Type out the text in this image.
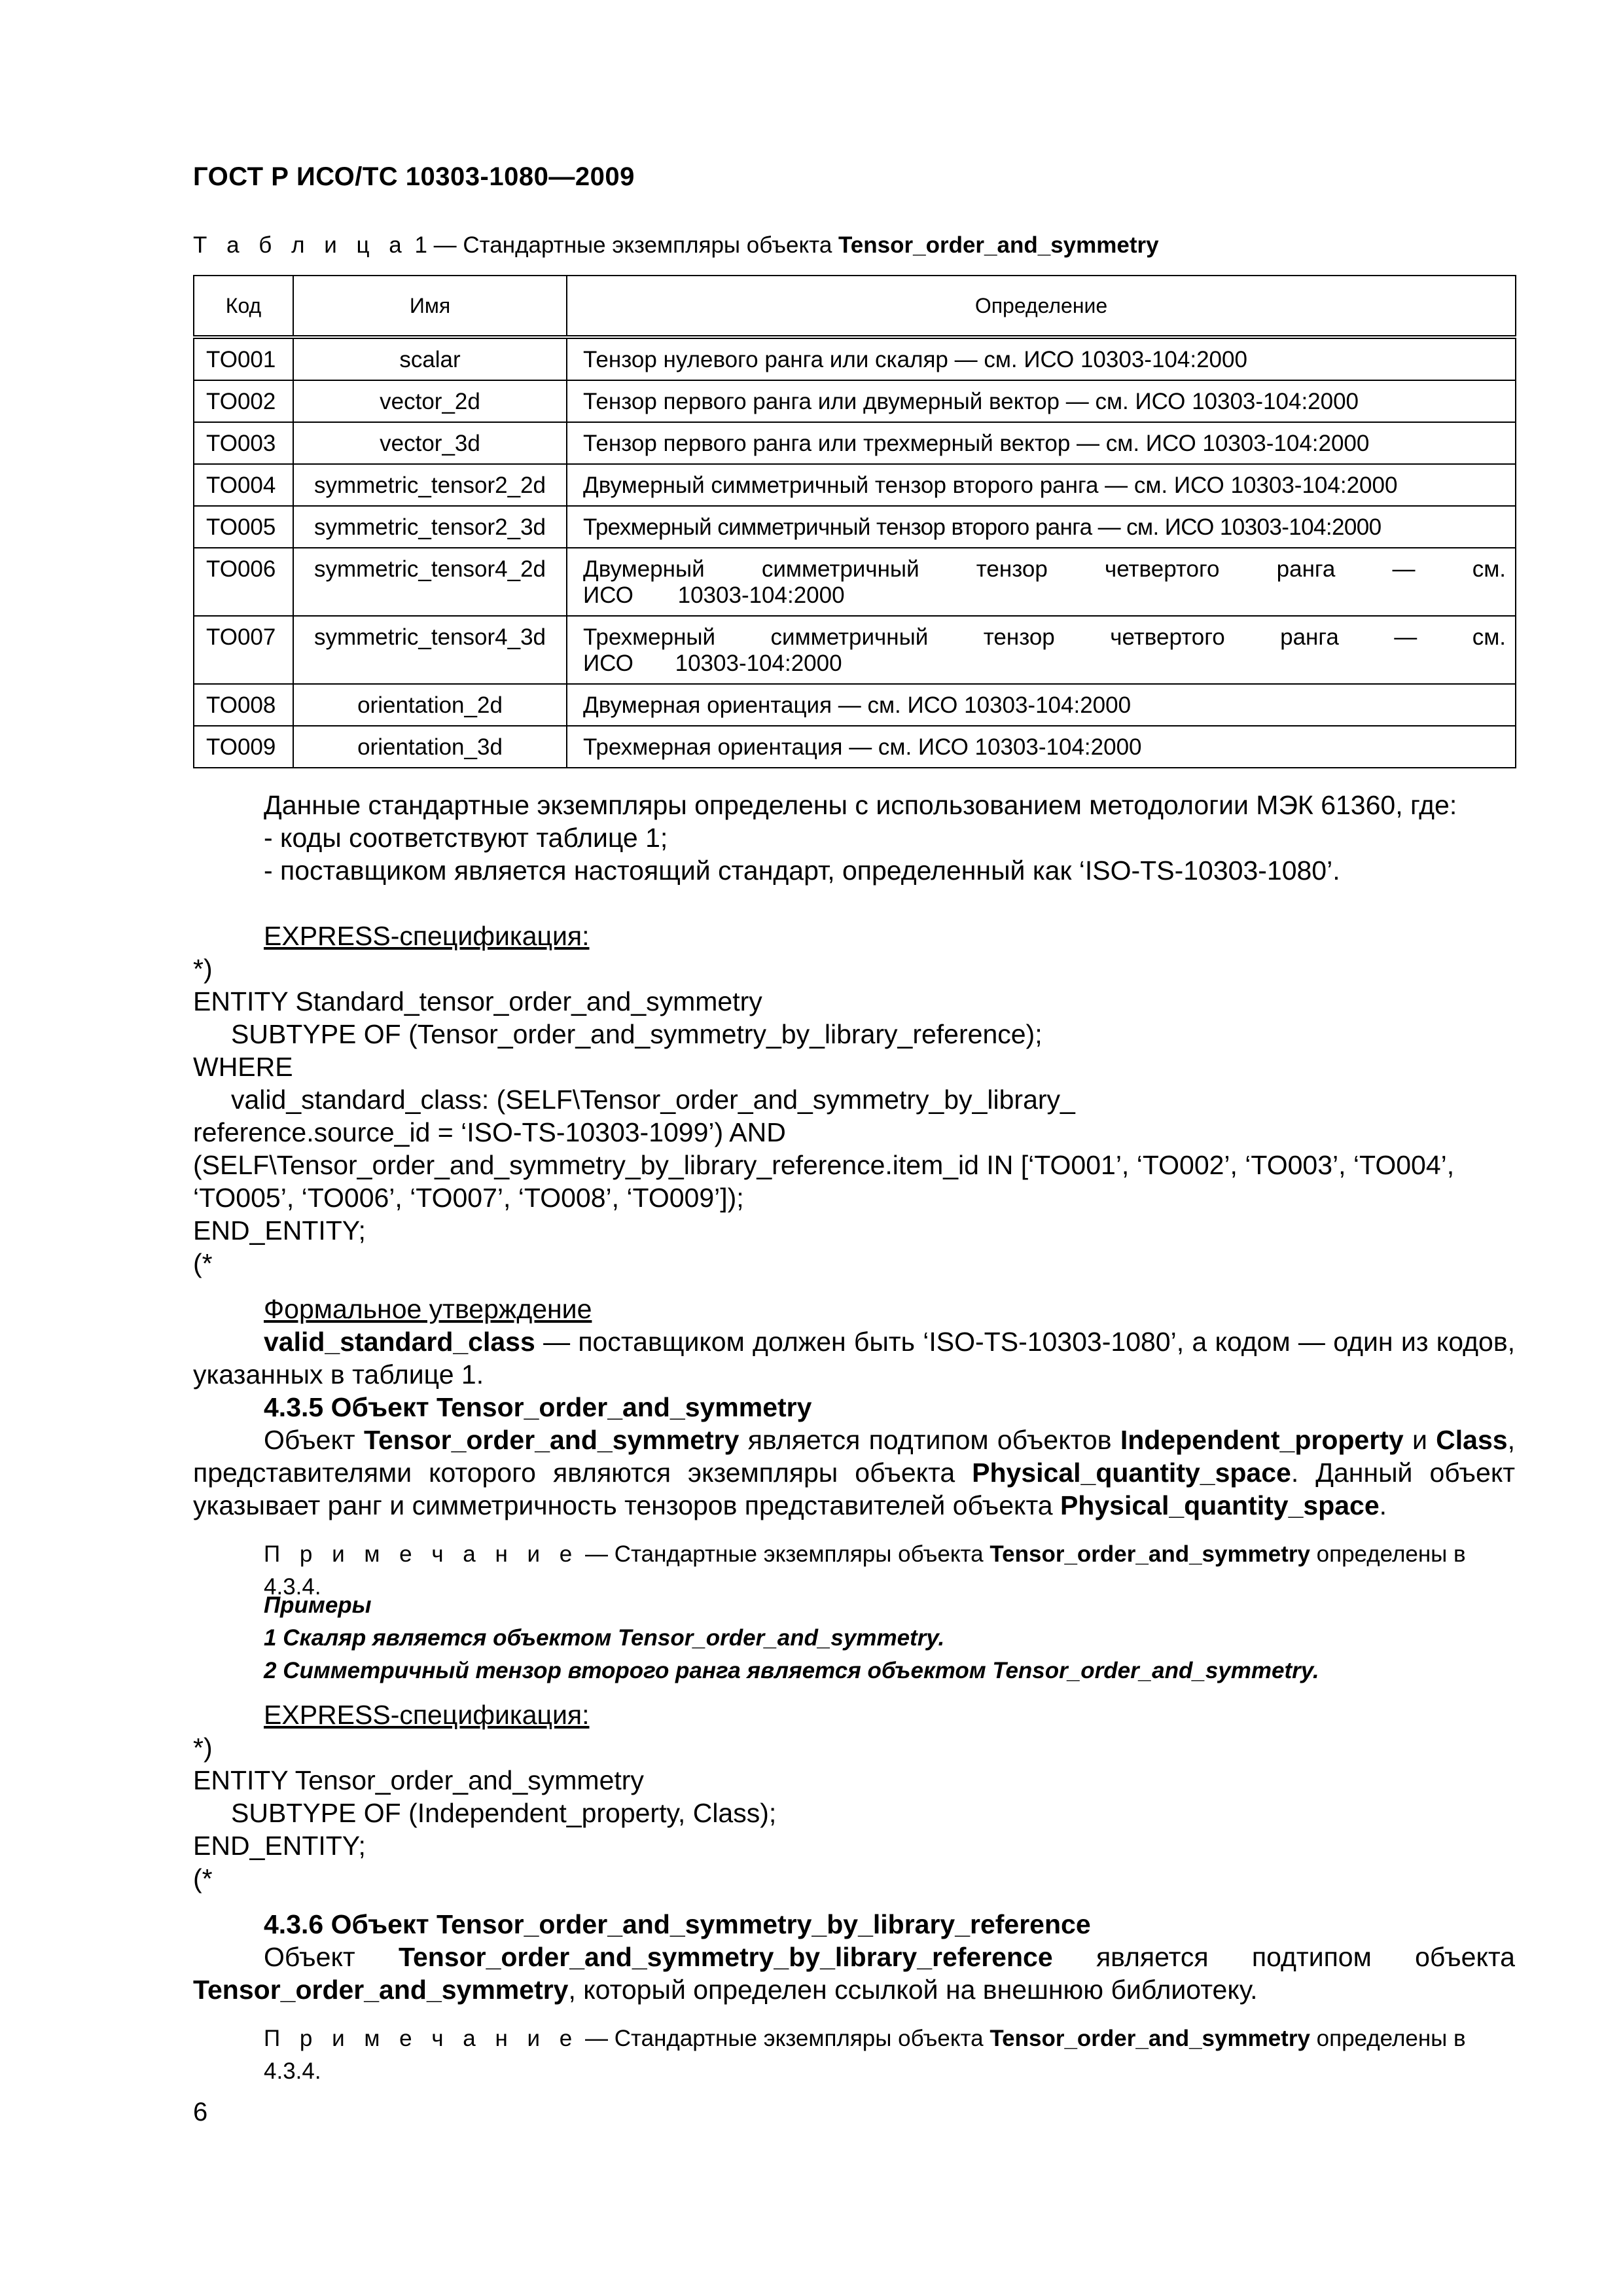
ГОСТ Р ИСО/ТС 10303-1080—2009
Т а б л и ц а 1 — Стандартные экземпляры объекта Tensor_order_and_symmetry
Код	Имя	Определение
TO001	scalar	Тензор нулевого ранга или скаляр — см. ИСО 10303-104:2000
TO002	vector_2d	Тензор первого ранга или двумерный вектор — см. ИСО 10303-104:2000
TO003	vector_3d	Тензор первого ранга или трехмерный вектор — см. ИСО 10303-104:2000
TO004	symmetric_tensor2_2d	Двумерный симметричный тензор второго ранга — см. ИСО 10303-104:2000
TO005	symmetric_tensor2_3d	Трехмерный симметричный тензор второго ранга — см. ИСО 10303-104:2000
TO006	symmetric_tensor4_2d	Двумерный симметричный тензор четвертого ранга — см. ИСО 10303-104:2000
TO007	symmetric_tensor4_3d	Трехмерный симметричный тензор четвертого ранга — см. ИСО 10303-104:2000
TO008	orientation_2d	Двумерная ориентация — см. ИСО 10303-104:2000
TO009	orientation_3d	Трехмерная ориентация — см. ИСО 10303-104:2000
Данные стандартные экземпляры определены с использованием методологии МЭК 61360, где:
- коды соответствуют таблице 1;
- поставщиком является настоящий стандарт, определенный как ‘ISO-TS-10303-1080’.
EXPRESS-спецификация:
*)
ENTITY Standard_tensor_order_and_symmetry
SUBTYPE OF (Tensor_order_and_symmetry_by_library_reference);
WHERE
valid_standard_class: (SELF\Tensor_order_and_symmetry_by_library_
reference.source_id = ‘ISO-TS-10303-1099’) AND
(SELF\Tensor_order_and_symmetry_by_library_reference.item_id IN [‘TO001’, ‘TO002’, ‘TO003’, ‘TO004’,
‘TO005’, ‘TO006’, ‘TO007’, ‘TO008’, ‘TO009’]);
END_ENTITY;
(*
Формальное утверждение
valid_standard_class — поставщиком должен быть ‘ISO-TS-10303-1080’, а кодом — один из кодов, указанных в таблице 1.
4.3.5 Объект Tensor_order_and_symmetry
Объект Tensor_order_and_symmetry является подтипом объектов Independent_property и Class, представителями которого являются экземпляры объекта Physical_quantity_space. Данный объект указывает ранг и симметричность тензоров представителей объекта Physical_quantity_space.
П р и м е ч а н и е — Стандартные экземпляры объекта Tensor_order_and_symmetry определены в 4.3.4.
Примеры
1 Скаляр является объектом Tensor_order_and_symmetry.
2 Симметричный тензор второго ранга является объектом Tensor_order_and_symmetry.
EXPRESS-спецификация:
*)
ENTITY Tensor_order_and_symmetry
SUBTYPE OF (Independent_property, Class);
END_ENTITY;
(*
4.3.6 Объект Tensor_order_and_symmetry_by_library_reference
Объект Tensor_order_and_symmetry_by_library_reference является подтипом объекта Tensor_order_and_symmetry, который определен ссылкой на внешнюю библиотеку.
П р и м е ч а н и е — Стандартные экземпляры объекта Tensor_order_and_symmetry определены в 4.3.4.
6
